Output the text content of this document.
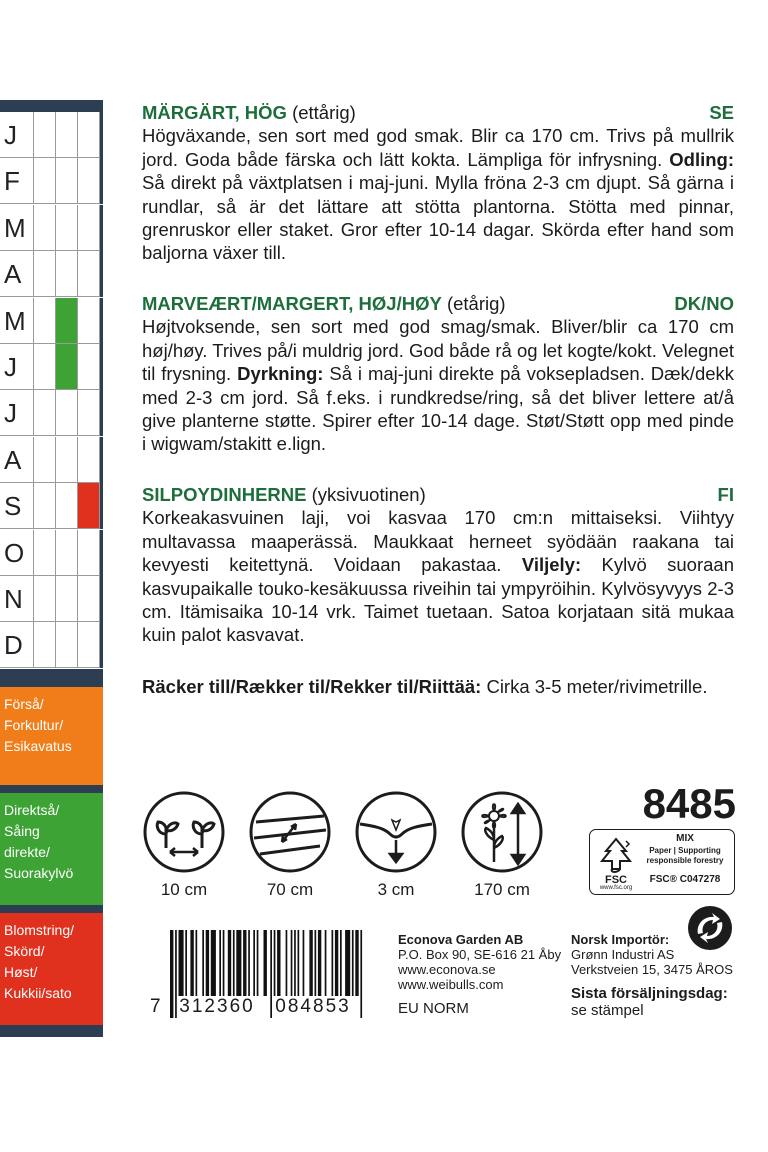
J
F
M
A
M
J
J
A
S
O
N
D
Förså/
Forkultur/
Esikavatus
Direktså/
Såing
direkte/
Suorakylvö
Blomstring/
Skörd/
Høst/
Kukkii/sato
MÄRGÄRT, HÖG (ettårig)	SE

Högväxande, sen sort med god smak. Blir ca 170 cm. Trivs på mullrik jord. Goda både färska och lätt kokta. Lämpliga för infrysning. Odling: Så direkt på växtplatsen i maj-juni. Mylla fröna 2-3 cm djupt. Så gärna i rundlar, så är det lättare att stötta plantorna. Stötta med pinnar, grenruskor eller staket. Gror efter 10-14 dagar. Skörda efter hand som baljorna växer till.

MARVEÆRT/MARGERT, HØJ/HØY (etårig)	DK/NO

Højtvoksende, sen sort med god smag/smak. Bliver/blir ca 170 cm høj/høy. Trives på/i muldrig jord. God både rå og let kogte/kokt. Velegnet til frysning. Dyrkning: Så i maj-juni direkte på voksepladsen. Dæk/dekk med 2-3 cm jord. Så f.eks. i rundkredse/ring, så det bliver lettere at/å give planterne støtte. Spirer efter 10-14 dage. Støt/Støtt opp med pinde i wigwam/stakitt e.lign.

SILPOYDINHERNE (yksivuotinen)	FI

Korkeakasvuinen laji, voi kasvaa 170 cm:n mittaiseksi. Viihtyy multavassa maaperässä. Maukkaat herneet syödään raakana tai kevyesti keitettynä. Voidaan pakastaa. Viljely: Kylvö suoraan kasvupaikalle touko-kesäkuussa riveihin tai ympyröihin. Kylvösyvyys 2-3 cm. Itämisaika 10-14 vrk. Taimet tuetaan. Satoa korjataan sitä mukaa kuin palot kasvavat.

Räcker till/Rækker til/Rekker til/Riittää: Cirka 3-5 meter/rivimetrille.
10 cm	70 cm	3 cm	170 cm
8485
FSC
www.fsc.org
MIX
Paper | Supporting
responsible forestry
FSC® C047278
7 312360	084853
Econova Garden AB
P.O. Box 90, SE-616 21 Åby
www.econova.se
www.weibulls.com
EU NORM
Norsk Importör:
Grønn Industri AS
Verkstveien 15, 3475 ÅROS
Sista försäljningsdag:
se stämpel
